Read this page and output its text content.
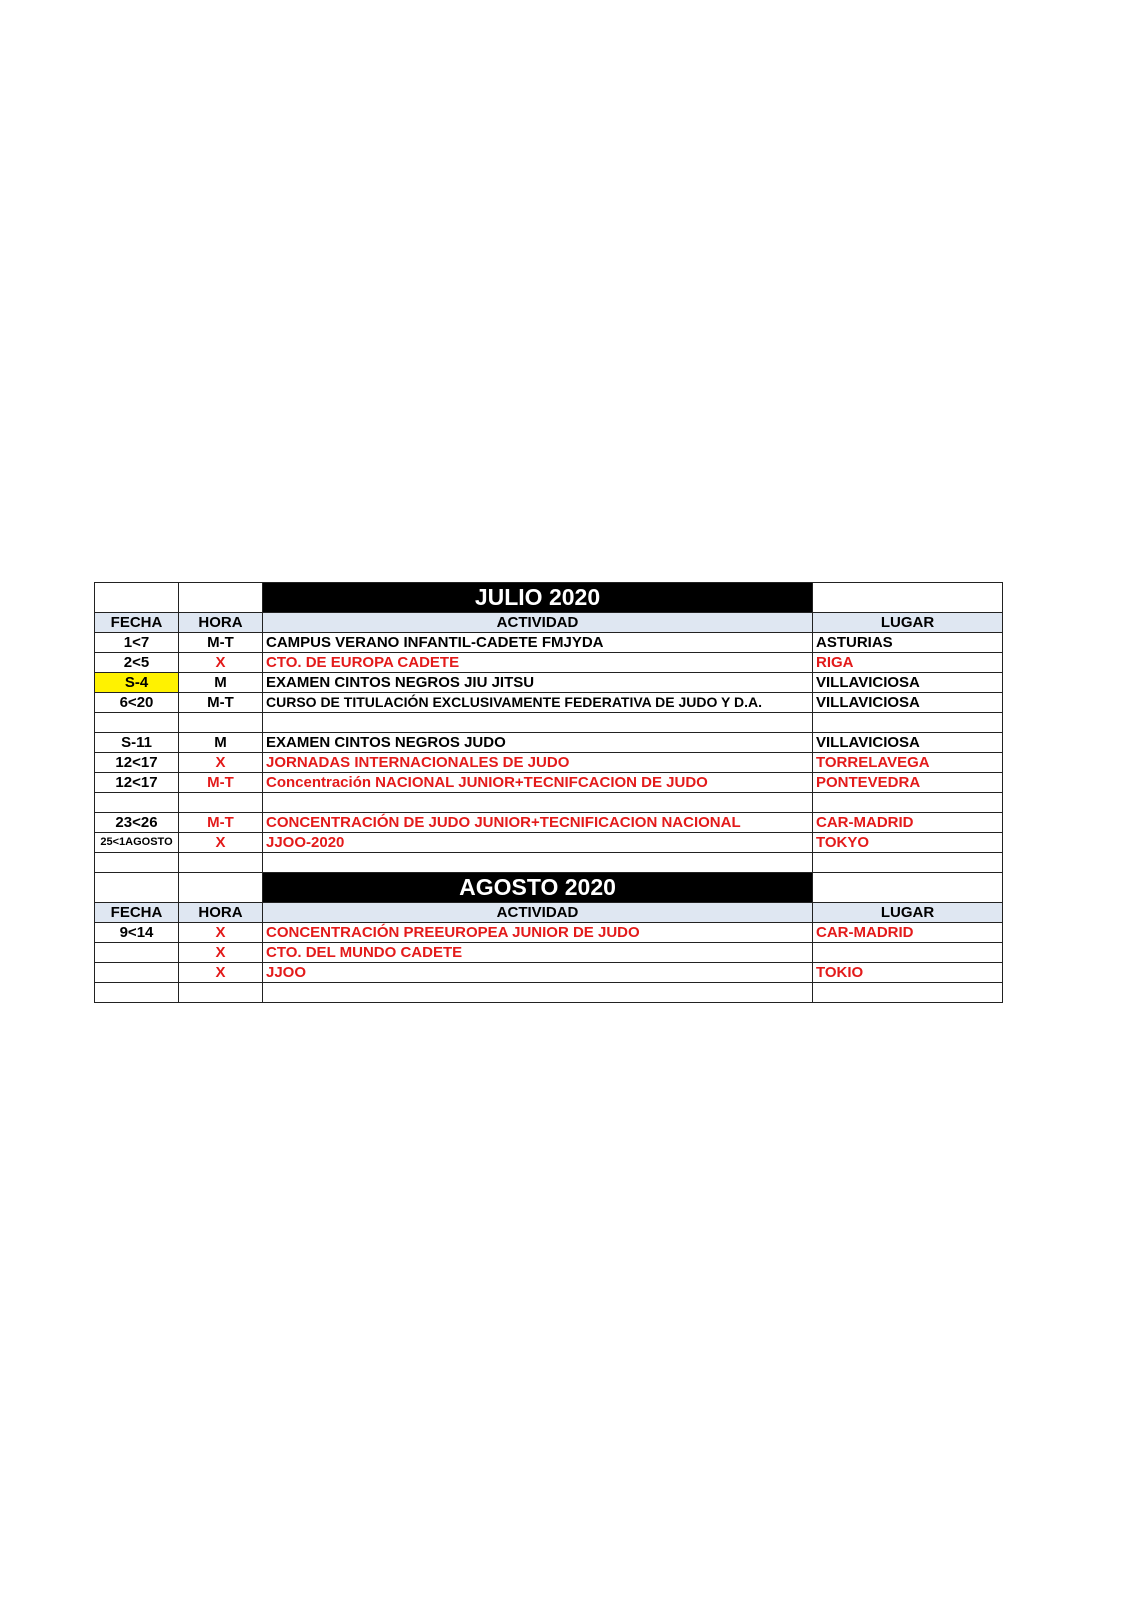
		JULIO 2020	
FECHA	HORA	ACTIVIDAD	LUGAR
1<7	M-T	CAMPUS VERANO INFANTIL-CADETE FMJYDA	ASTURIAS
2<5	X	CTO. DE EUROPA CADETE	RIGA
S-4	M	EXAMEN CINTOS NEGROS JIU JITSU	VILLAVICIOSA
6<20	M-T	CURSO DE TITULACIÓN EXCLUSIVAMENTE FEDERATIVA DE JUDO Y D.A.	VILLAVICIOSA

S-11	M	EXAMEN CINTOS NEGROS JUDO	VILLAVICIOSA
12<17	X	JORNADAS INTERNACIONALES DE JUDO	TORRELAVEGA
12<17	M-T	Concentración NACIONAL JUNIOR+TECNIFCACION DE JUDO	PONTEVEDRA

23<26	M-T	CONCENTRACIÓN DE JUDO JUNIOR+TECNIFICACION NACIONAL	CAR-MADRID
25<1AGOSTO	X	JJOO-2020	TOKYO

		AGOSTO 2020	
FECHA	HORA	ACTIVIDAD	LUGAR
9<14	X	CONCENTRACIÓN PREEUROPEA JUNIOR DE JUDO	CAR-MADRID
	X	CTO. DEL MUNDO CADETE	
	X	JJOO	TOKIO
